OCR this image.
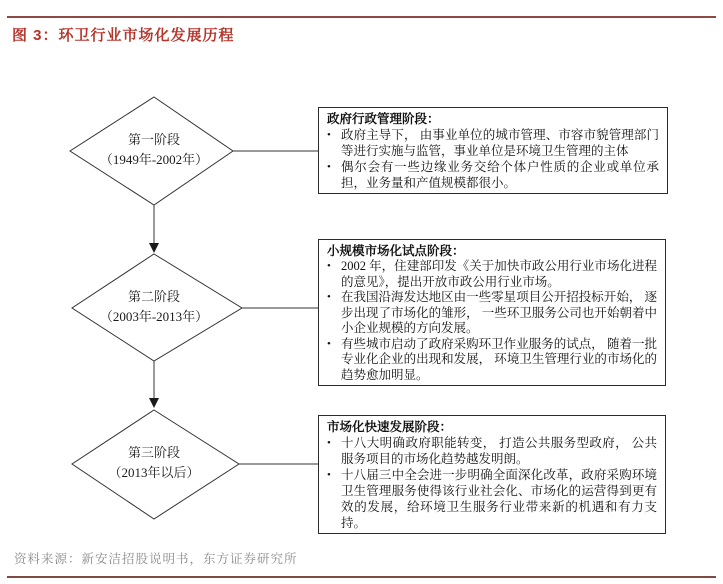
图 3：环卫行业市场化发展历程
第一阶段
（1949年-2002年）
第二阶段
（2003年-2013年）
第三阶段
（2013年以后）
政府行政管理阶段：
• 政府主导下， 由事业单位的城市管理、市容市貌管理部门等进行实施与监管，事业单位是环境卫生管理的主体
• 偶尔会有一些边缘业务交给个体户性质的企业或单位承担，业务量和产值规模都很小。
小规模市场化试点阶段：
• 2002 年，住建部印发《关于加快市政公用行业市场化进程的意见》，提出开放市政公用行业市场。
• 在我国沿海发达地区由一些零星项目公开招投标开始， 逐步出现了市场化的雏形， 一些环卫服务公司也开始朝着中小企业规模的方向发展。
• 有些城市启动了政府采购环卫作业服务的试点， 随着一批专业化企业的出现和发展， 环境卫生管理行业的市场化的趋势愈加明显。
市场化快速发展阶段：
• 十八大明确政府职能转变， 打造公共服务型政府， 公共服务项目的市场化趋势越发明朗。
• 十八届三中全会进一步明确全面深化改革，政府采购环境卫生管理服务使得该行业社会化、市场化的运营得到更有效的发展，给环境卫生服务行业带来新的机遇和有力支持。
资料来源：新安洁招股说明书，东方证券研究所
